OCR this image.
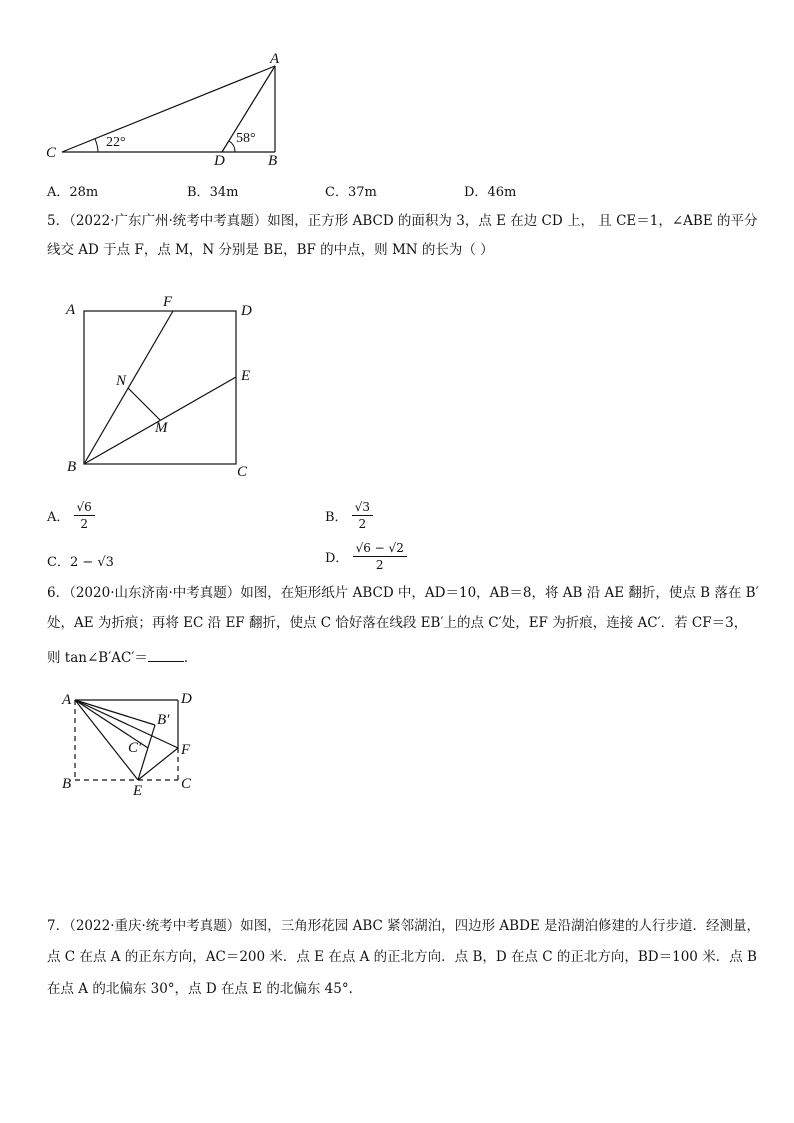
A
C	D	B
22°	58°
A．28m	B．34m	C．37m	D．46m
5．（2022·广东广州·统考中考真题）如图，正方形 ABCD 的面积为 3，点 E 在边 CD 上， 且 CE＝1，∠ABE 的平分
线交 AD 于点 F，点 M，N 分别是 BE，BF 的中点，则 MN 的长为（ ）
A	F
D
E
N
M
B	C
A． $\frac{√6}{2}$	B． $\frac{√3}{2}$
C．2 − √3	D． $\frac{√6 - √2}{2}$
6．（2020·山东济南·中考真题）如图，在矩形纸片 ABCD 中，AD＝10，AB＝8，将 AB 沿 AE 翻折，使点 B 落在 B′
处，AE 为折痕；再将 EC 沿 EF 翻折，使点 C 恰好落在线段 EB′上的点 C′处，EF 为折痕，连接 AC′．若 CF＝3，
则 tan∠B′AC′＝	．
A	D
B′
C′	F
B	E	C
7．（2022·重庆·统考中考真题）如图，三角形花园 ABC 紧邻湖泊，四边形 ABDE 是沿湖泊修建的人行步道．经测量，
点 C 在点 A 的正东方向，AC＝200 米．点 E 在点 A 的正北方向．点 B，D 在点 C 的正北方向，BD＝100 米．点 B
在点 A 的北偏东 30°，点 D 在点 E 的北偏东 45°．
